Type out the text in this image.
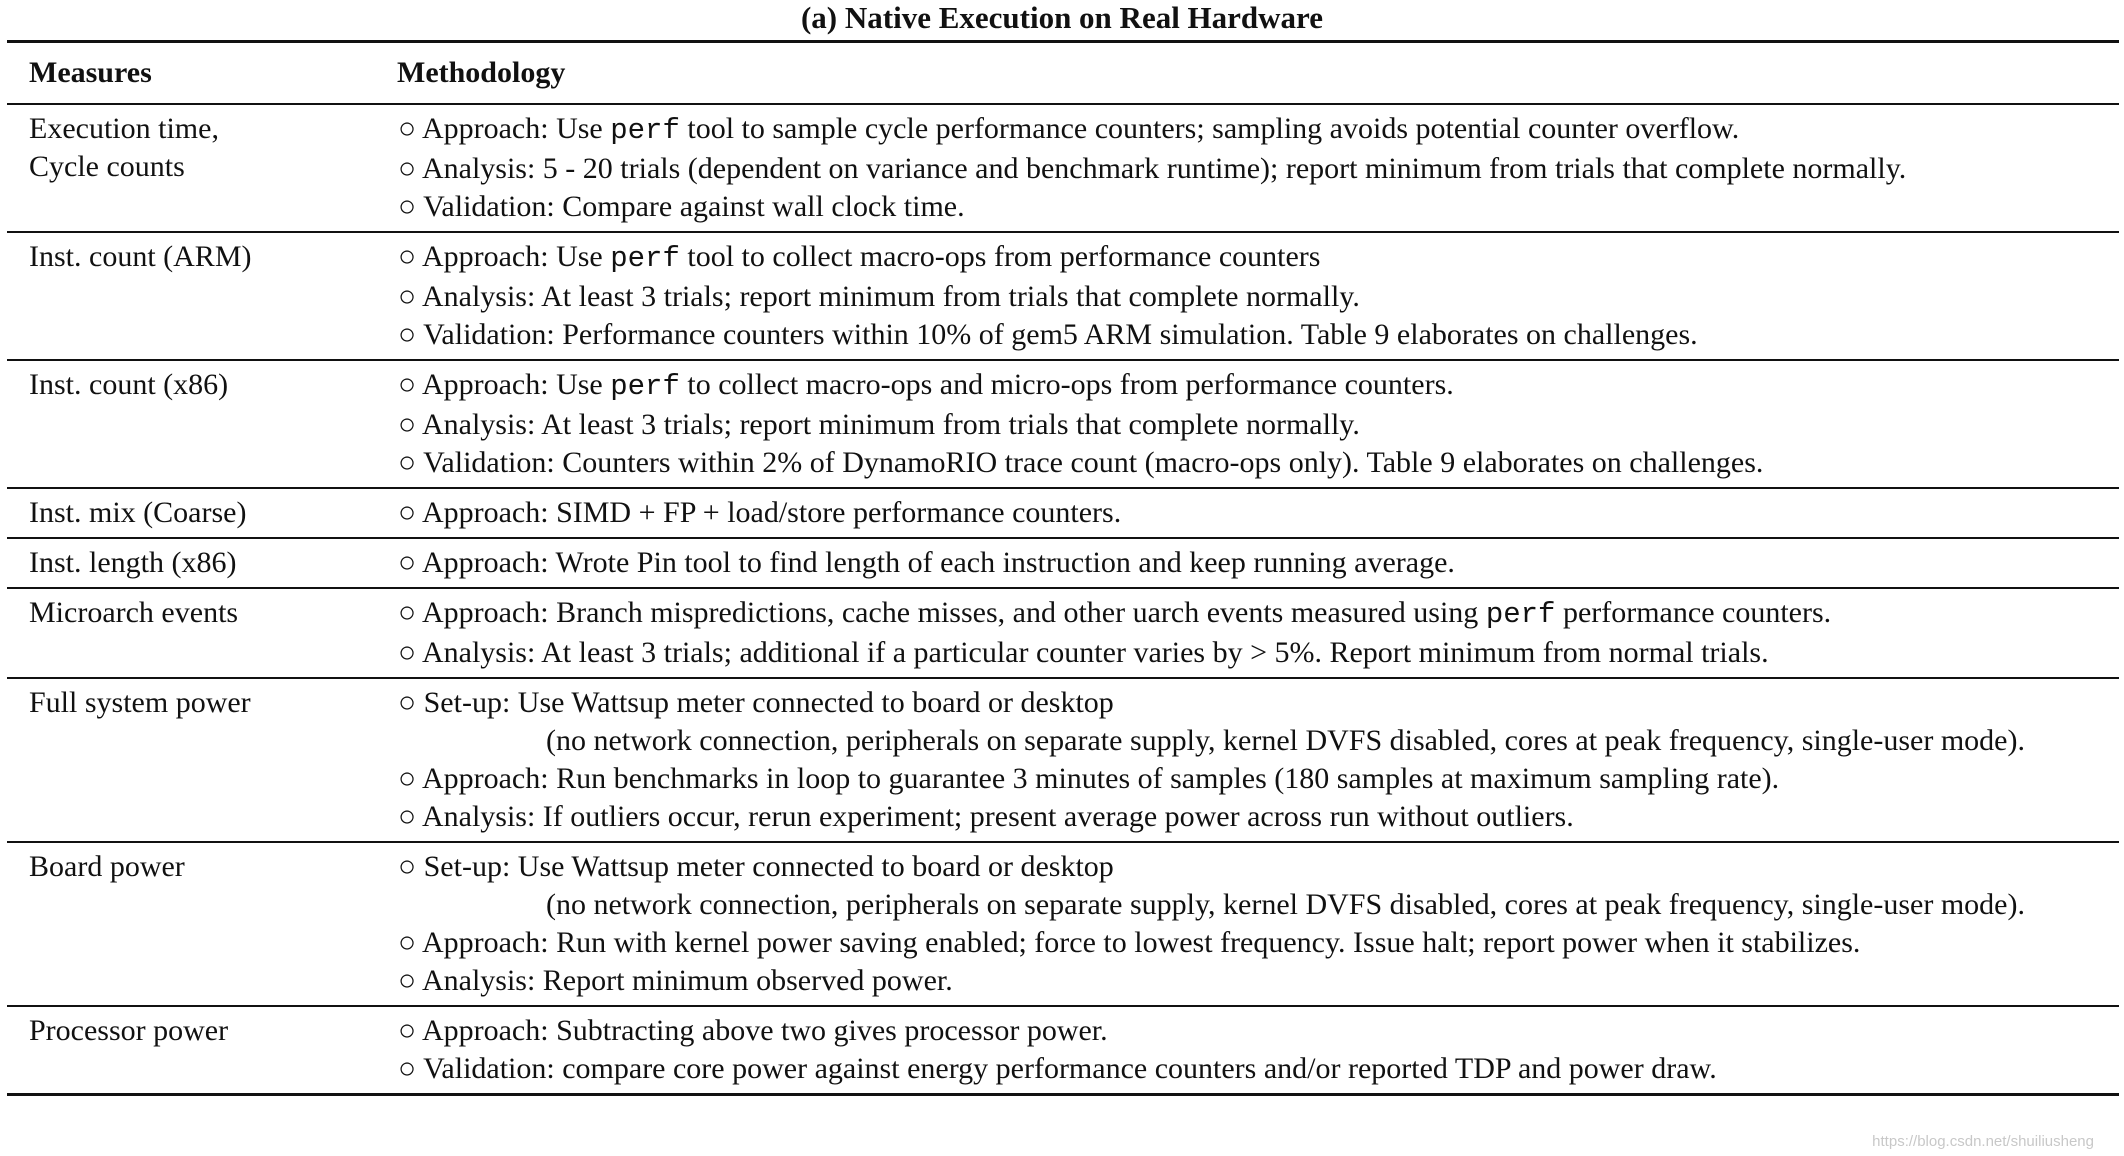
(a) Native Execution on Real Hardware
Measures	Methodology

Execution time,
Cycle counts	○ Approach: Use perf tool to sample cycle performance counters; sampling avoids potential counter overflow.
○ Analysis: 5 - 20 trials (dependent on variance and benchmark runtime); report minimum from trials that complete normally.
○ Validation: Compare against wall clock time.

Inst. count (ARM)	○ Approach: Use perf tool to collect macro-ops from performance counters
○ Analysis: At least 3 trials; report minimum from trials that complete normally.
○ Validation: Performance counters within 10% of gem5 ARM simulation. Table 9 elaborates on challenges.

Inst. count (x86)	○ Approach: Use perf to collect macro-ops and micro-ops from performance counters.
○ Analysis: At least 3 trials; report minimum from trials that complete normally.
○ Validation: Counters within 2% of DynamoRIO trace count (macro-ops only). Table 9 elaborates on challenges.

Inst. mix (Coarse)	○ Approach: SIMD + FP + load/store performance counters.

Inst. length (x86)	○ Approach: Wrote Pin tool to find length of each instruction and keep running average.

Microarch events	○ Approach: Branch mispredictions, cache misses, and other uarch events measured using perf performance counters.
○ Analysis: At least 3 trials; additional if a particular counter varies by > 5%. Report minimum from normal trials.

Full system power	○ Set-up: Use Wattsup meter connected to board or desktop
(no network connection, peripherals on separate supply, kernel DVFS disabled, cores at peak frequency, single-user mode).
○ Approach: Run benchmarks in loop to guarantee 3 minutes of samples (180 samples at maximum sampling rate).
○ Analysis: If outliers occur, rerun experiment; present average power across run without outliers.

Board power	○ Set-up: Use Wattsup meter connected to board or desktop
(no network connection, peripherals on separate supply, kernel DVFS disabled, cores at peak frequency, single-user mode).
○ Approach: Run with kernel power saving enabled; force to lowest frequency. Issue halt; report power when it stabilizes.
○ Analysis: Report minimum observed power.

Processor power	○ Approach: Subtracting above two gives processor power.
○ Validation: compare core power against energy performance counters and/or reported TDP and power draw.
https://blog.csdn.net/shuiliusheng
